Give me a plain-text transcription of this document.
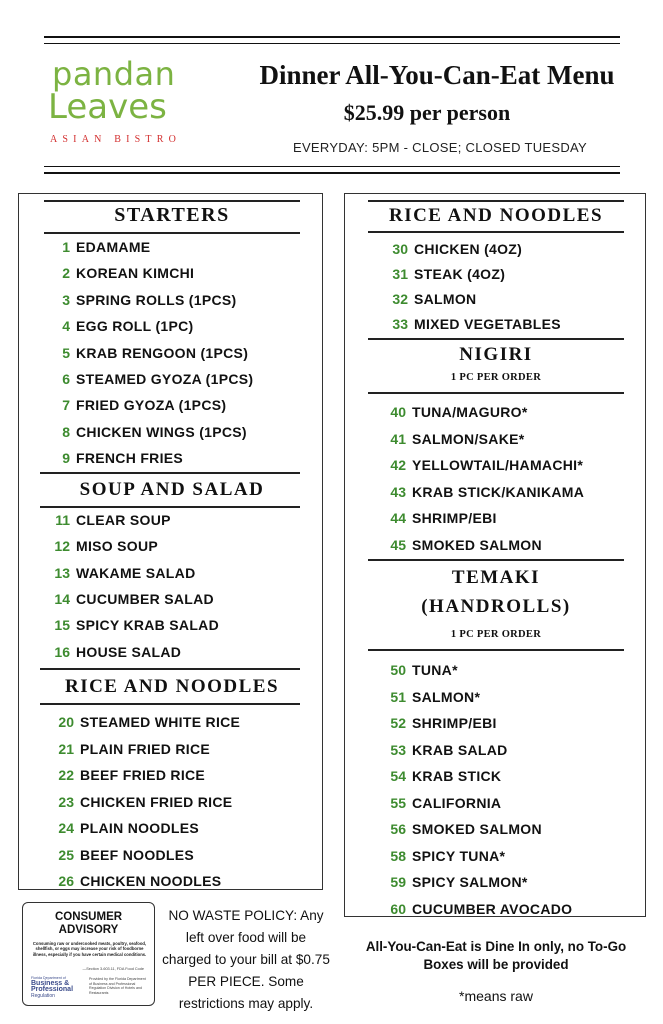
pandan
Leaves
ASIAN BISTRO
Dinner All-You-Can-Eat Menu
$25.99 per person
EVERYDAY: 5PM - CLOSE; CLOSED TUESDAY
STARTERS
1 EDAMAME
2 KOREAN KIMCHI
3 SPRING ROLLS (1PCS)
4 EGG ROLL (1PC)
5 KRAB RENGOON (1PCS)
6 STEAMED GYOZA (1PCS)
7 FRIED GYOZA (1PCS)
8 CHICKEN WINGS (1PCS)
9 FRENCH FRIES
SOUP AND SALAD
11 CLEAR SOUP
12 MISO SOUP
13 WAKAME SALAD
14 CUCUMBER SALAD
15 SPICY KRAB SALAD
16 HOUSE SALAD
RICE AND NOODLES
20 STEAMED WHITE RICE
21 PLAIN FRIED RICE
22 BEEF FRIED RICE
23 CHICKEN FRIED RICE
24 PLAIN NOODLES
25 BEEF NOODLES
26 CHICKEN NOODLES
RICE AND NOODLES
30 CHICKEN (4OZ)
31 STEAK (4OZ)
32 SALMON
33 MIXED VEGETABLES
NIGIRI
1 PC PER ORDER
40 TUNA/MAGURO*
41 SALMON/SAKE*
42 YELLOWTAIL/HAMACHI*
43 KRAB STICK/KANIKAMA
44 SHRIMP/EBI
45 SMOKED SALMON
TEMAKI
(HANDROLLS)
1 PC PER ORDER
50 TUNA*
51 SALMON*
52 SHRIMP/EBI
53 KRAB SALAD
54 KRAB STICK
55 CALIFORNIA
56 SMOKED SALMON
58 SPICY TUNA*
59 SPICY SALMON*
60 CUCUMBER AVOCADO
CONSUMER
ADVISORY
Consuming raw or undercooked meats, poultry, seafood, shellfish, or eggs may increase your risk of foodborne illness, especially if you have certain medical conditions.
—Section 3-603.11, FDA Food Code
Florida Department of
Business &
Professional
Regulation
Provided by the Florida Department of Business and Professional Regulation Division of Hotels and Restaurants
NO WASTE POLICY: Any left over food will be charged to your bill at $0.75 PER PIECE. Some restrictions may apply.
All-You-Can-Eat is Dine In only, no To-Go Boxes will be provided
*means raw
